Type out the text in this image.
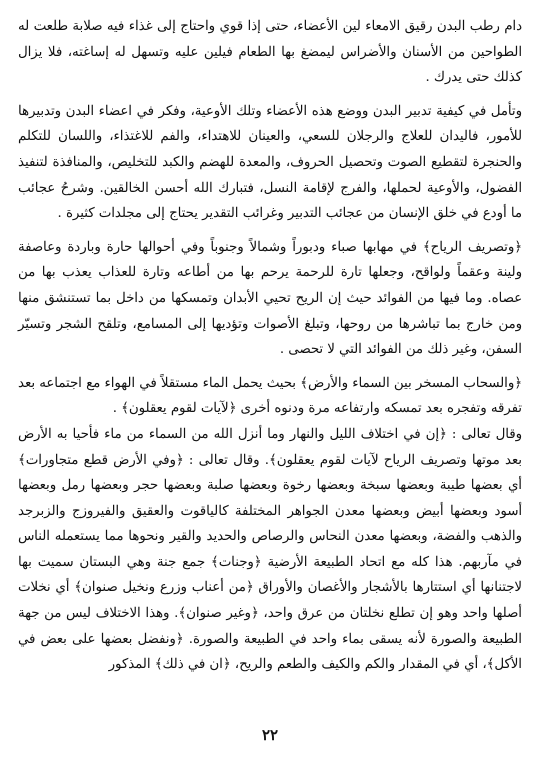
دام رطب البدن رقيق الامعاء لين الأعضاء، حتى إذا قوي واحتاج إلى غذاء فيه صلابة طلعت له الطواحين من الأسنان والأضراس ليمضغ بها الطعام فيلين عليه وتسهل له إساغته، فلا يزال كذلك حتى يدرك .

وتأمل في كيفية تدبير البدن ووضع هذه الأعضاء وتلك الأوعية، وفكر في اعضاء البدن وتدبيرها للأمور، فاليدان للعلاج والرجلان للسعي، والعينان للاهتداء، والفم للاغتذاء، واللسان للتكلم والحنجرة لتقطيع الصوت وتحصيل الحروف، والمعدة للهضم والكبد للتخليص، والمنافذة لتنفيذ الفضول، والأوعية لحملها، والفرج لإقامة النسل، فتبارك الله أحسن الخالقين. وشرحُ عجائب ما أودع في خلق الإنسان من عجائب التدبير وغرائب التقدير يحتاج إلى مجلدات كثيرة .

﴿وتصريف الرياح﴾ في مهابها صباء ودبوراً وشمالاً وجنوباً وفي أحوالها حارة وباردة وعاصفة ولينة وعقماً ولواقح، وجعلها تارة للرحمة يرحم بها من أطاعه وتارة للعذاب يعذب بها من عصاه. وما فيها من الفوائد حيث إن الريح تحيي الأبدان وتمسكها من داخل بما تستنشق منها ومن خارج بما تباشرها من روحها، وتبلغ الأصوات وتؤديها إلى المسامع، وتلقح الشجر وتسيّر السفن، وغير ذلك من الفوائد التي لا تحصى .

﴿والسحاب المسخر بين السماء والأرض﴾ بحيث يحمل الماء مستقلاً في الهواء مع اجتماعه بعد تفرقه وتفجره بعد تمسكه وارتفاعه مرة ودنوه أخرى ﴿لآيات لقوم يعقلون﴾ .

وقال تعالى : ﴿إن في اختلاف الليل والنهار وما أنزل الله من السماء من ماء فأحيا به الأرض بعد موتها وتصريف الرياح لآيات لقوم يعقلون﴾. وقال تعالى : ﴿وفي الأرض قطع متجاورات﴾ أي بعضها طيبة وبعضها سبخة وبعضها رخوة وبعضها صلبة وبعضها حجر وبعضها رمل وبعضها أسود وبعضها أبيض وبعضها معدن الجواهر المختلفة كالياقوت والعقيق والفيروزج والزبرجد والذهب والفضة، وبعضها معدن النحاس والرصاص والحديد والقير ونحوها مما يستعمله الناس في مآربهم. هذا كله مع اتحاد الطبيعة الأرضية ﴿وجنات﴾ جمع جنة وهي البستان سميت بها لاجتنانها أي استتارها بالأشجار والأغصان والأوراق ﴿من أعناب وزرع ونخيل صنوان﴾ أي نخلات أصلها واحد وهو إن تطلع نخلتان من عرق واحد، ﴿وغير صنوان﴾. وهذا الاختلاف ليس من جهة الطبيعة والصورة لأنه يسقى بماء واحد في الطبيعة والصورة. ﴿ونفضل بعضها على بعض في الأكل﴾، أي في المقدار والكم والكيف والطعم والريح، ﴿ان في ذلك﴾ المذكور

٢٢
